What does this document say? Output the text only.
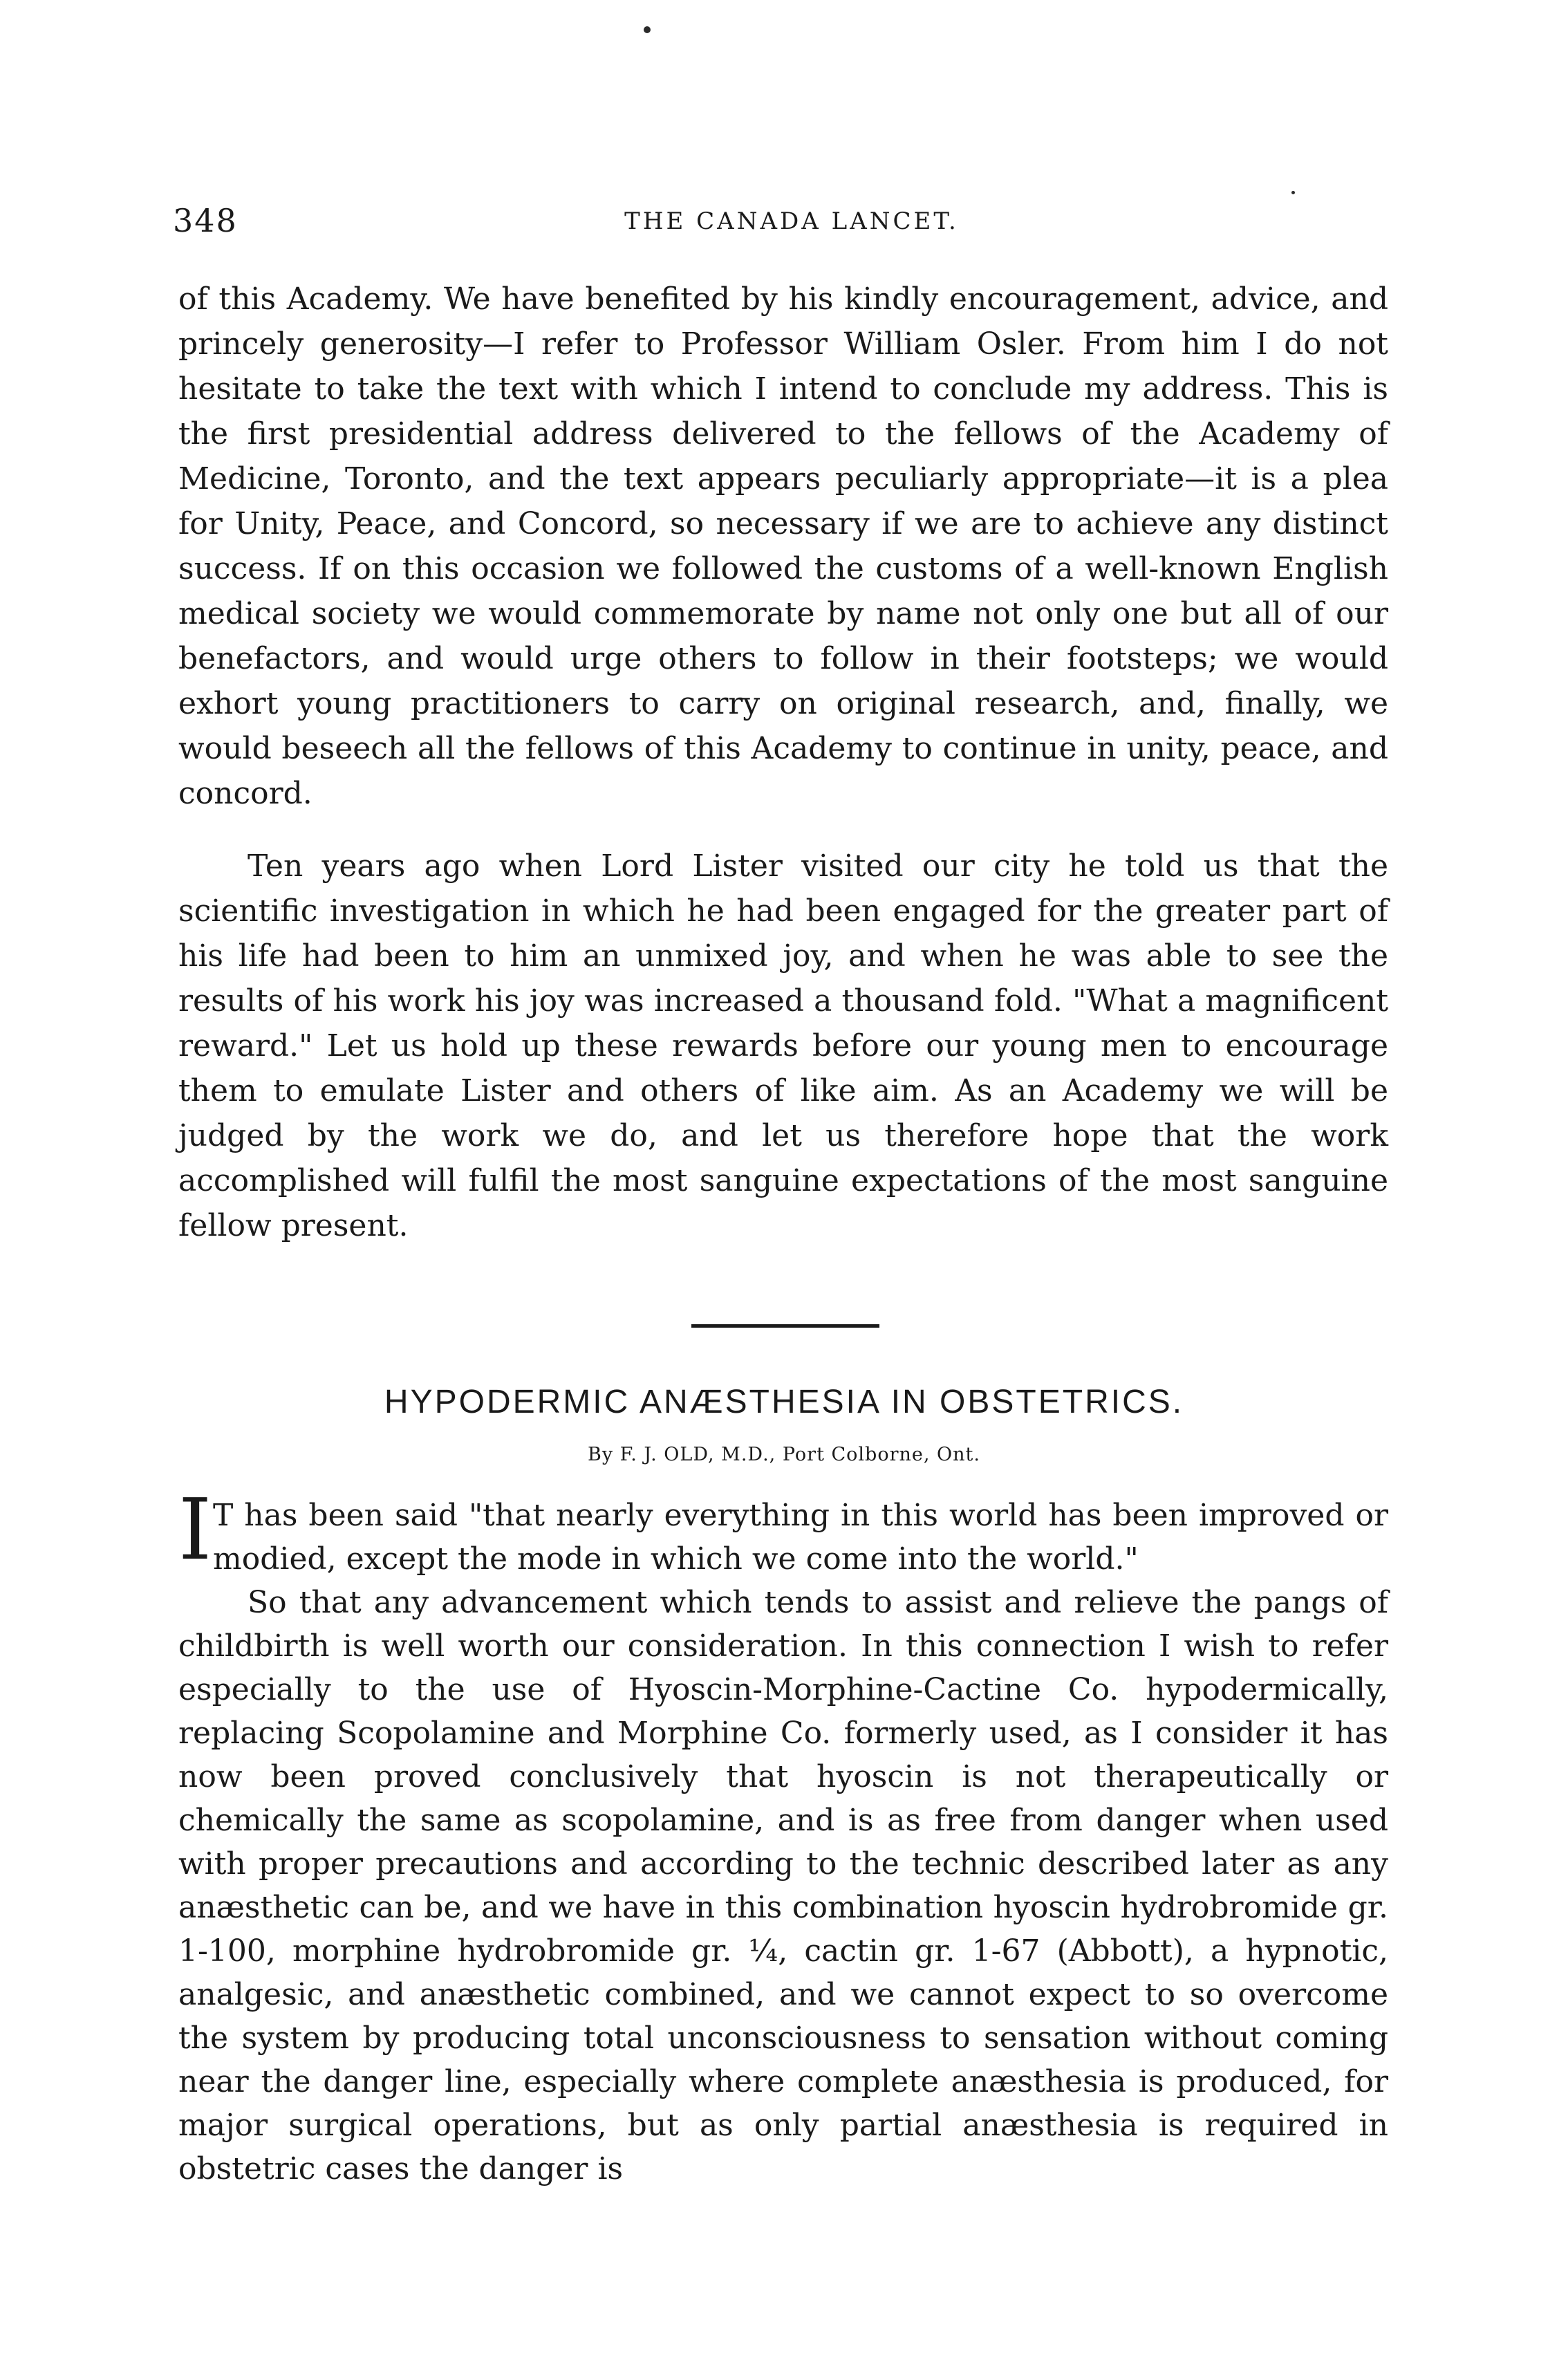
348	THE CANADA LANCET.

of this Academy. We have benefited by his kindly encouragement, advice, and princely generosity—I refer to Professor William Osler. From him I do not hesitate to take the text with which I intend to conclude my address. This is the first presidential address delivered to the fellows of the Academy of Medicine, Toronto, and the text appears peculiarly appropriate—it is a plea for Unity, Peace, and Concord, so necessary if we are to achieve any distinct success. If on this occasion we followed the customs of a well-known English medical society we would commemorate by name not only one but all of our benefactors, and would urge others to follow in their footsteps; we would exhort young practitioners to carry on original research, and, finally, we would beseech all the fellows of this Academy to continue in unity, peace, and concord.

Ten years ago when Lord Lister visited our city he told us that the scientific investigation in which he had been engaged for the greater part of his life had been to him an unmixed joy, and when he was able to see the results of his work his joy was increased a thousand fold. "What a magnificent reward." Let us hold up these rewards before our young men to encourage them to emulate Lister and others of like aim. As an Academy we will be judged by the work we do, and let us therefore hope that the work accomplished will fulfil the most sanguine expectations of the most sanguine fellow present.

HYPODERMIC ANÆSTHESIA IN OBSTETRICS.
By F. J. OLD, M.D., Port Colborne, Ont.
I T has been said "that nearly everything in this world has been improved or modied, except the mode in which we come into the world."

So that any advancement which tends to assist and relieve the pangs of childbirth is well worth our consideration. In this connection I wish to refer especially to the use of Hyoscin-Morphine-Cactine Co. hypodermically, replacing Scopolamine and Morphine Co. formerly used, as I consider it has now been proved conclusively that hyoscin is not therapeutically or chemically the same as scopolamine, and is as free from danger when used with proper precautions and according to the technic described later as any anæsthetic can be, and we have in this combination hyoscin hydrobromide gr. 1-100, morphine hydrobromide gr. ¼, cactin gr. 1-67 (Abbott), a hypnotic, analgesic, and anæsthetic combined, and we cannot expect to so overcome the system by producing total unconsciousness to sensation without coming near the danger line, especially where complete anæsthesia is produced, for major surgical operations, but as only partial anæsthesia is required in obstetric cases the danger is
